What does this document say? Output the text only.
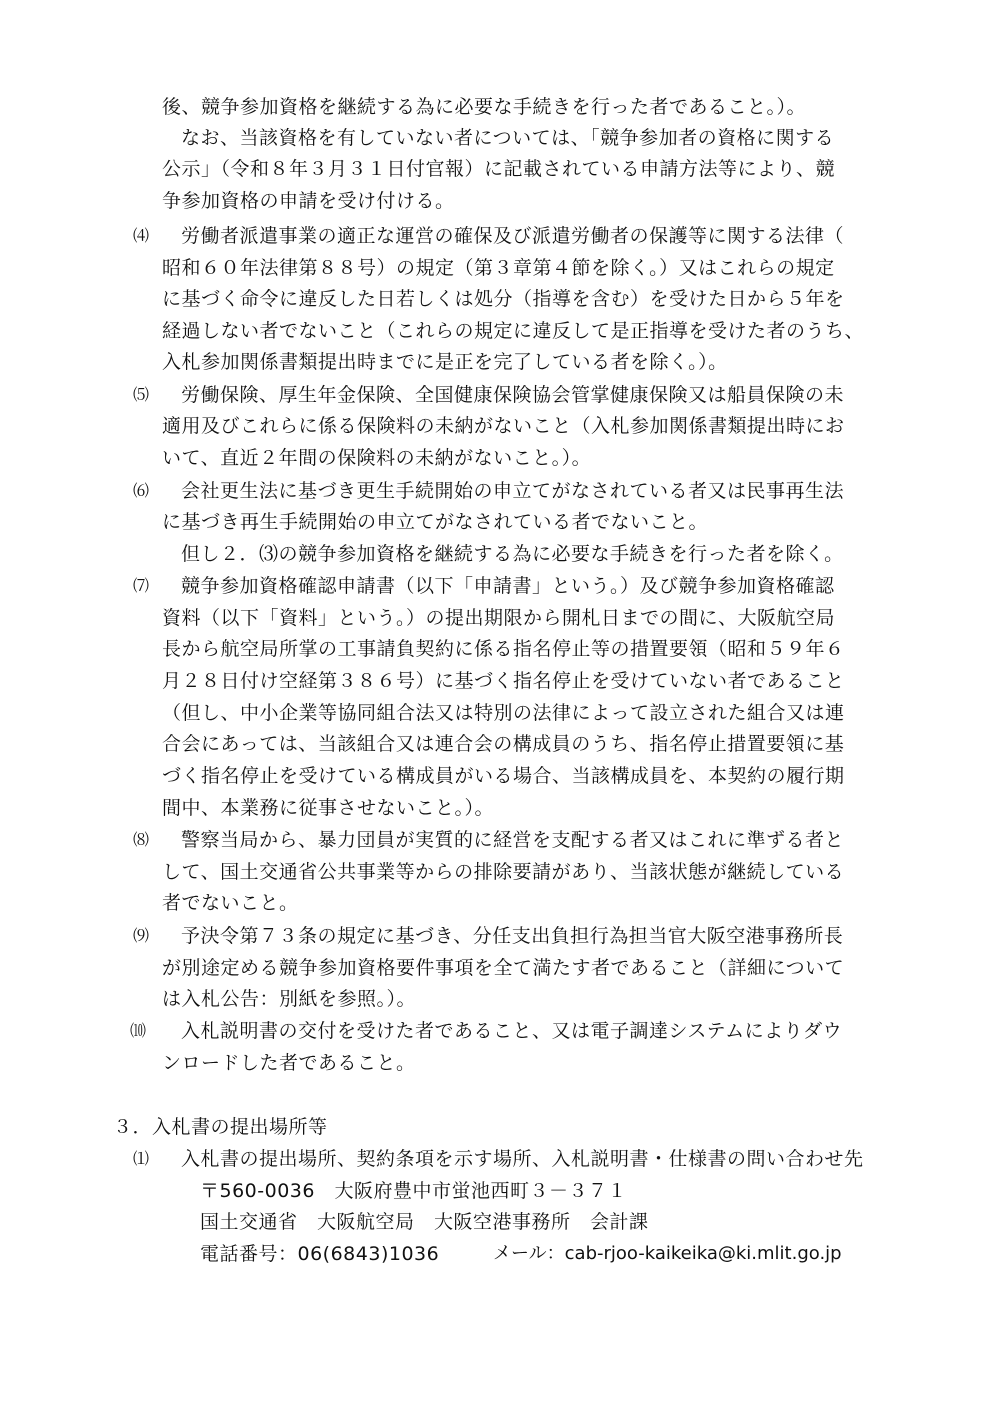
後、競争参加資格を継続する為に必要な手続きを行った者であること。）。
なお、当該資格を有していない者については、「競争参加者の資格に関する
公示」（令和８年３月３１日付官報）に記載されている申請方法等により、競
争参加資格の申請を受け付ける。
⑷ 労働者派遣事業の適正な運営の確保及び派遣労働者の保護等に関する法律（
昭和６０年法律第８８号）の規定（第３章第４節を除く。）又はこれらの規定
に基づく命令に違反した日若しくは処分（指導を含む）を受けた日から５年を
経過しない者でないこと（これらの規定に違反して是正指導を受けた者のうち、
入札参加関係書類提出時までに是正を完了している者を除く。）。
⑸ 労働保険、厚生年金保険、全国健康保険協会管掌健康保険又は船員保険の未
適用及びこれらに係る保険料の未納がないこと（入札参加関係書類提出時にお
いて、直近２年間の保険料の未納がないこと。）。
⑹ 会社更生法に基づき更生手続開始の申立てがなされている者又は民事再生法
に基づき再生手続開始の申立てがなされている者でないこと。
但し２．⑶の競争参加資格を継続する為に必要な手続きを行った者を除く。
⑺ 競争参加資格確認申請書（以下「申請書」という。）及び競争参加資格確認
資料（以下「資料」という。）の提出期限から開札日までの間に、大阪航空局
長から航空局所掌の工事請負契約に係る指名停止等の措置要領（昭和５９年６
月２８日付け空経第３８６号）に基づく指名停止を受けていない者であること
（但し、中小企業等協同組合法又は特別の法律によって設立された組合又は連
合会にあっては、当該組合又は連合会の構成員のうち、指名停止措置要領に基
づく指名停止を受けている構成員がいる場合、当該構成員を、本契約の履行期
間中、本業務に従事させないこと。）。
⑻ 警察当局から、暴力団員が実質的に経営を支配する者又はこれに準ずる者と
して、国土交通省公共事業等からの排除要請があり、当該状態が継続している
者でないこと。
⑼ 予決令第７３条の規定に基づき、分任支出負担行為担当官大阪空港事務所長
が別途定める競争参加資格要件事項を全て満たす者であること（詳細について
は入札公告：別紙を参照。）。
⑽ 入札説明書の交付を受けた者であること、又は電子調達システムによりダウ
ンロードした者であること。
３．入札書の提出場所等
⑴ 入札書の提出場所、契約条項を示す場所、入札説明書・仕様書の問い合わせ先
〒560-0036　大阪府豊中市蛍池西町３－３７１
国土交通省　大阪航空局　大阪空港事務所　会計課
電話番号：06(6843)1036	メール：cab-rjoo-kaikeika@ki.mlit.go.jp
